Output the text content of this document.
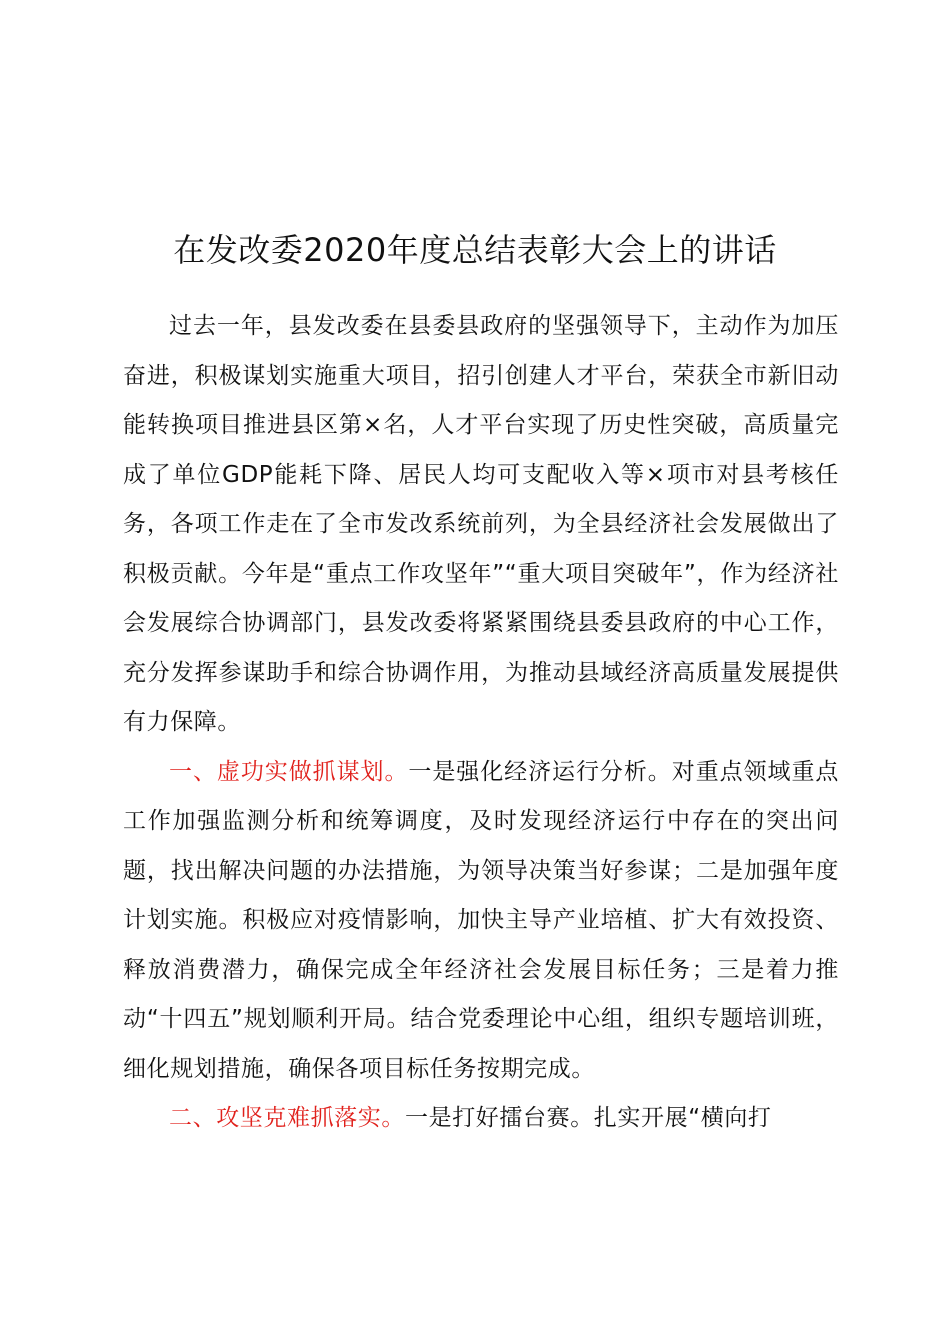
在发改委2020年度总结表彰大会上的讲话

过去一年，县发改委在县委县政府的坚强领导下，主动作为加压奋进，积极谋划实施重大项目，招引创建人才平台，荣获全市新旧动能转换项目推进县区第×名，人才平台实现了历史性突破，高质量完成了单位GDP能耗下降、居民人均可支配收入等×项市对县考核任务，各项工作走在了全市发改系统前列，为全县经济社会发展做出了积极贡献。今年是“重点工作攻坚年”“重大项目突破年”，作为经济社会发展综合协调部门，县发改委将紧紧围绕县委县政府的中心工作，充分发挥参谋助手和综合协调作用，为推动县域经济高质量发展提供有力保障。

一、虚功实做抓谋划。一是强化经济运行分析。对重点领域重点工作加强监测分析和统筹调度，及时发现经济运行中存在的突出问题，找出解决问题的办法措施，为领导决策当好参谋；二是加强年度计划实施。积极应对疫情影响，加快主导产业培植、扩大有效投资、释放消费潜力，确保完成全年经济社会发展目标任务；三是着力推动“十四五”规划顺利开局。结合党委理论中心组，组织专题培训班，细化规划措施，确保各项目标任务按期完成。

二、攻坚克难抓落实。一是打好擂台赛。扎实开展“横向打
